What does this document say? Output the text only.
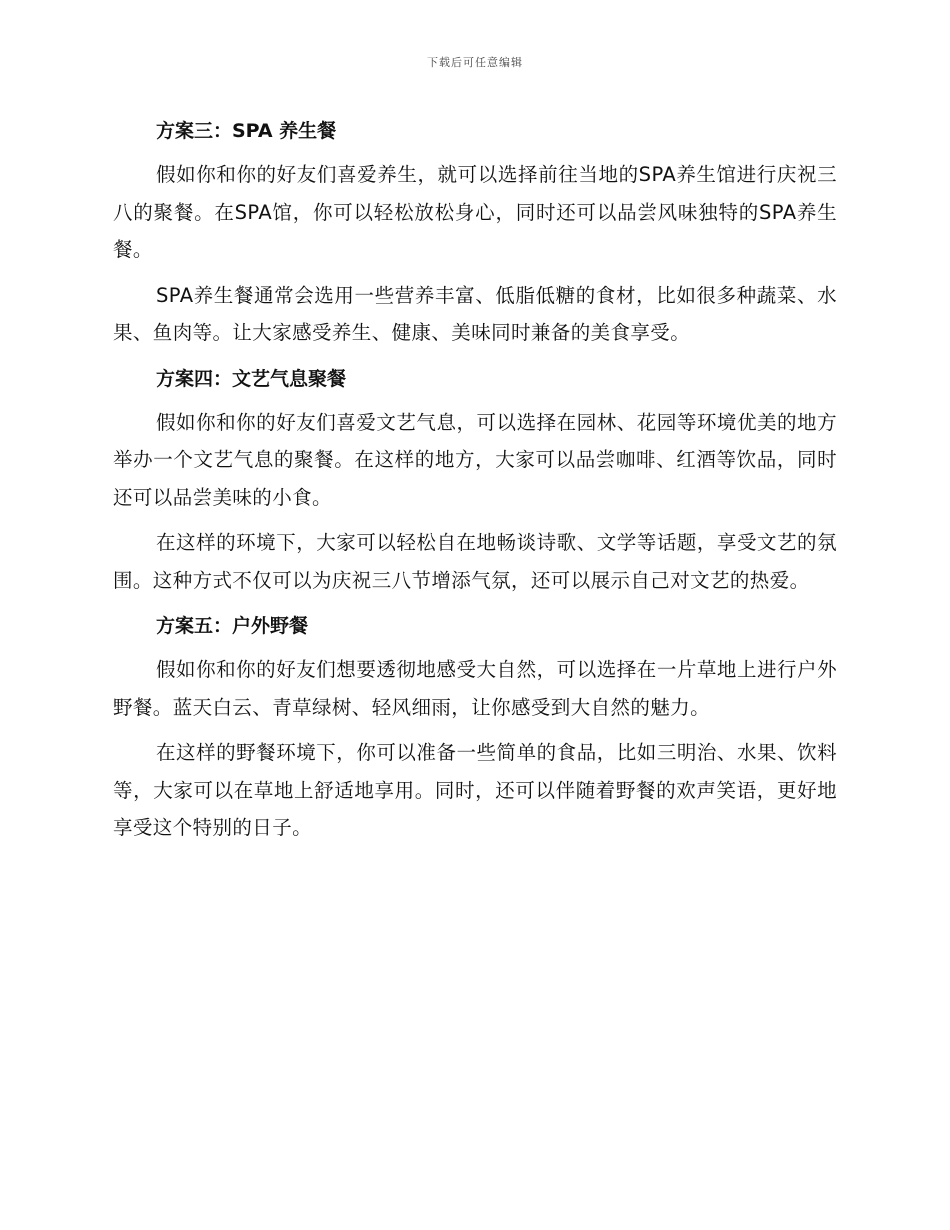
下载后可任意编辑
方案三：SPA 养生餐

假如你和你的好友们喜爱养生，就可以选择前往当地的SPA养生馆进行庆祝三八的聚餐。在SPA馆，你可以轻松放松身心，同时还可以品尝风味独特的SPA养生餐。

SPA养生餐通常会选用一些营养丰富、低脂低糖的食材，比如很多种蔬菜、水果、鱼肉等。让大家感受养生、健康、美味同时兼备的美食享受。

方案四：文艺气息聚餐

假如你和你的好友们喜爱文艺气息，可以选择在园林、花园等环境优美的地方举办一个文艺气息的聚餐。在这样的地方，大家可以品尝咖啡、红酒等饮品，同时还可以品尝美味的小食。

在这样的环境下，大家可以轻松自在地畅谈诗歌、文学等话题，享受文艺的氛围。这种方式不仅可以为庆祝三八节增添气氛，还可以展示自己对文艺的热爱。

方案五：户外野餐

假如你和你的好友们想要透彻地感受大自然，可以选择在一片草地上进行户外野餐。蓝天白云、青草绿树、轻风细雨，让你感受到大自然的魅力。

在这样的野餐环境下，你可以准备一些简单的食品，比如三明治、水果、饮料等，大家可以在草地上舒适地享用。同时，还可以伴随着野餐的欢声笑语，更好地享受这个特别的日子。
